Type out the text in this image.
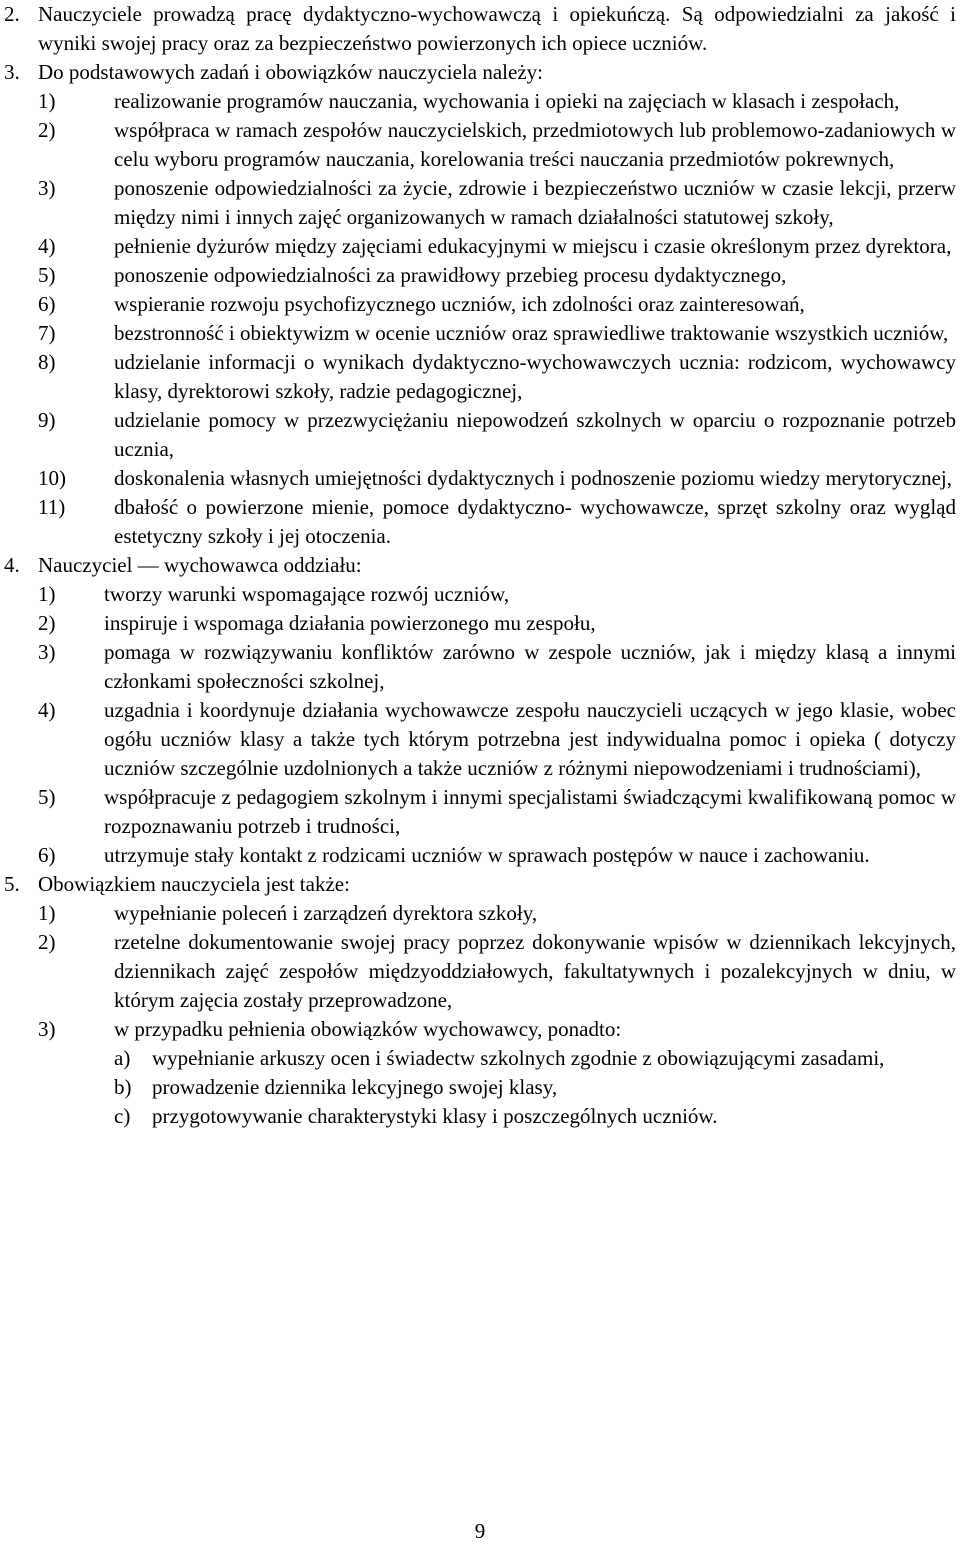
2. Nauczyciele prowadzą pracę dydaktyczno-wychowawczą i opiekuńczą. Są odpowiedzialni za jakość i wyniki swojej pracy oraz za bezpieczeństwo powierzonych ich opiece uczniów.
3. Do podstawowych zadań i obowiązków nauczyciela należy:
1)	realizowanie programów nauczania, wychowania i opieki na zajęciach w klasach i zespołach,
2)	współpraca w ramach zespołów nauczycielskich, przedmiotowych lub problemowo-zadaniowych w celu wyboru programów nauczania, korelowania treści nauczania przedmiotów pokrewnych,
3)	ponoszenie odpowiedzialności za życie, zdrowie i bezpieczeństwo uczniów w czasie lekcji, przerw między nimi i innych zajęć organizowanych w ramach działalności statutowej szkoły,
4)	pełnienie dyżurów między zajęciami edukacyjnymi w miejscu i czasie określonym przez dyrektora,
5)	ponoszenie odpowiedzialności za prawidłowy przebieg procesu dydaktycznego,
6)	wspieranie rozwoju psychofizycznego uczniów, ich zdolności oraz zainteresowań,
7)	bezstronność i obiektywizm w ocenie uczniów oraz sprawiedliwe traktowanie wszystkich uczniów,
8)	udzielanie informacji o wynikach dydaktyczno-wychowawczych ucznia: rodzicom, wychowawcy klasy, dyrektorowi szkoły, radzie pedagogicznej,
9)	udzielanie pomocy w przezwyciężaniu niepowodzeń szkolnych w oparciu o rozpoznanie potrzeb ucznia,
10) doskonalenia własnych umiejętności dydaktycznych i podnoszenie poziomu wiedzy merytorycznej,
11) dbałość o powierzone mienie, pomoce dydaktyczno- wychowawcze, sprzęt szkolny oraz wygląd estetyczny szkoły i jej otoczenia.
4. Nauczyciel — wychowawca oddziału:
1) tworzy warunki wspomagające rozwój uczniów,
2) inspiruje i wspomaga działania powierzonego mu zespołu,
3) pomaga w rozwiązywaniu konfliktów zarówno w zespole uczniów, jak i między klasą a innymi członkami społeczności szkolnej,
4) uzgadnia i koordynuje działania wychowawcze zespołu nauczycieli uczących w jego klasie, wobec ogółu uczniów klasy a także tych którym potrzebna jest indywidualna pomoc i opieka ( dotyczy uczniów szczególnie uzdolnionych a także uczniów z różnymi niepowodzeniami i trudnościami),
5) współpracuje z pedagogiem szkolnym i innymi specjalistami świadczącymi kwalifikowaną pomoc w rozpoznawaniu potrzeb i trudności,
6) utrzymuje stały kontakt z rodzicami uczniów w sprawach postępów w nauce i zachowaniu.
5. Obowiązkiem nauczyciela jest także:
1)	wypełnianie poleceń i zarządzeń dyrektora szkoły,
2)	rzetelne dokumentowanie swojej pracy poprzez dokonywanie wpisów w dziennikach lekcyjnych, dziennikach zajęć zespołów międzyoddziałowych, fakultatywnych i pozalekcyjnych w dniu, w którym zajęcia zostały przeprowadzone,
3)	w przypadku pełnienia obowiązków wychowawcy, ponadto:
a) wypełnianie arkuszy ocen i świadectw szkolnych zgodnie z obowiązującymi zasadami,
b) prowadzenie dziennika lekcyjnego swojej klasy,
c) przygotowywanie charakterystyki klasy i poszczególnych uczniów.
9
